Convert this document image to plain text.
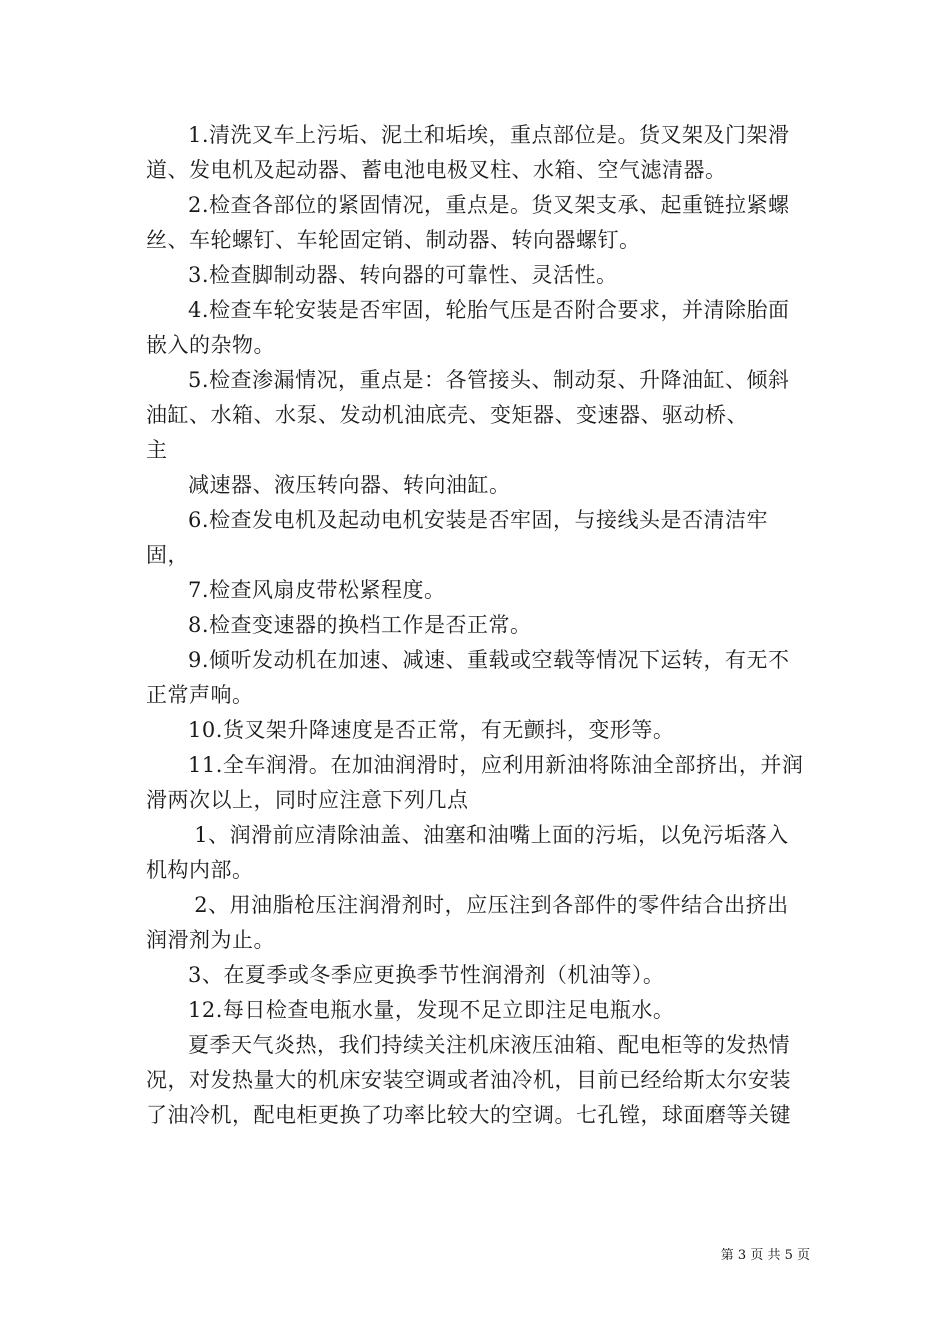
1.清洗叉车上污垢、泥土和垢埃，重点部位是。货叉架及门架滑道、发电机及起动器、蓄电池电极叉柱、水箱、空气滤清器。

2.检查各部位的紧固情况，重点是。货叉架支承、起重链拉紧螺丝、车轮螺钉、车轮固定销、制动器、转向器螺钉。

3.检查脚制动器、转向器的可靠性、灵活性。

4.检查车轮安装是否牢固，轮胎气压是否附合要求，并清除胎面嵌入的杂物。

5.检查渗漏情况，重点是：各管接头、制动泵、升降油缸、倾斜油缸、水箱、水泵、发动机油底壳、变矩器、变速器、驱动桥、

主

减速器、液压转向器、转向油缸。

6.检查发电机及起动电机安装是否牢固，与接线头是否清洁牢固，

7.检查风扇皮带松紧程度。

8.检查变速器的换档工作是否正常。

9.倾听发动机在加速、减速、重载或空载等情况下运转，有无不正常声响。

10.货叉架升降速度是否正常，有无颤抖，变形等。

11.全车润滑。在加油润滑时，应利用新油将陈油全部挤出，并润滑两次以上，同时应注意下列几点

1、润滑前应清除油盖、油塞和油嘴上面的污垢，以免污垢落入机构内部。

2、用油脂枪压注润滑剂时，应压注到各部件的零件结合出挤出润滑剂为止。

3、在夏季或冬季应更换季节性润滑剂（机油等）。

12.每日检查电瓶水量，发现不足立即注足电瓶水。

夏季天气炎热，我们持续关注机床液压油箱、配电柜等的发热情况，对发热量大的机床安装空调或者油冷机，目前已经给斯太尔安装了油冷机，配电柜更换了功率比较大的空调。七孔镗，球面磨等关键

第 3 页 共 5 页
